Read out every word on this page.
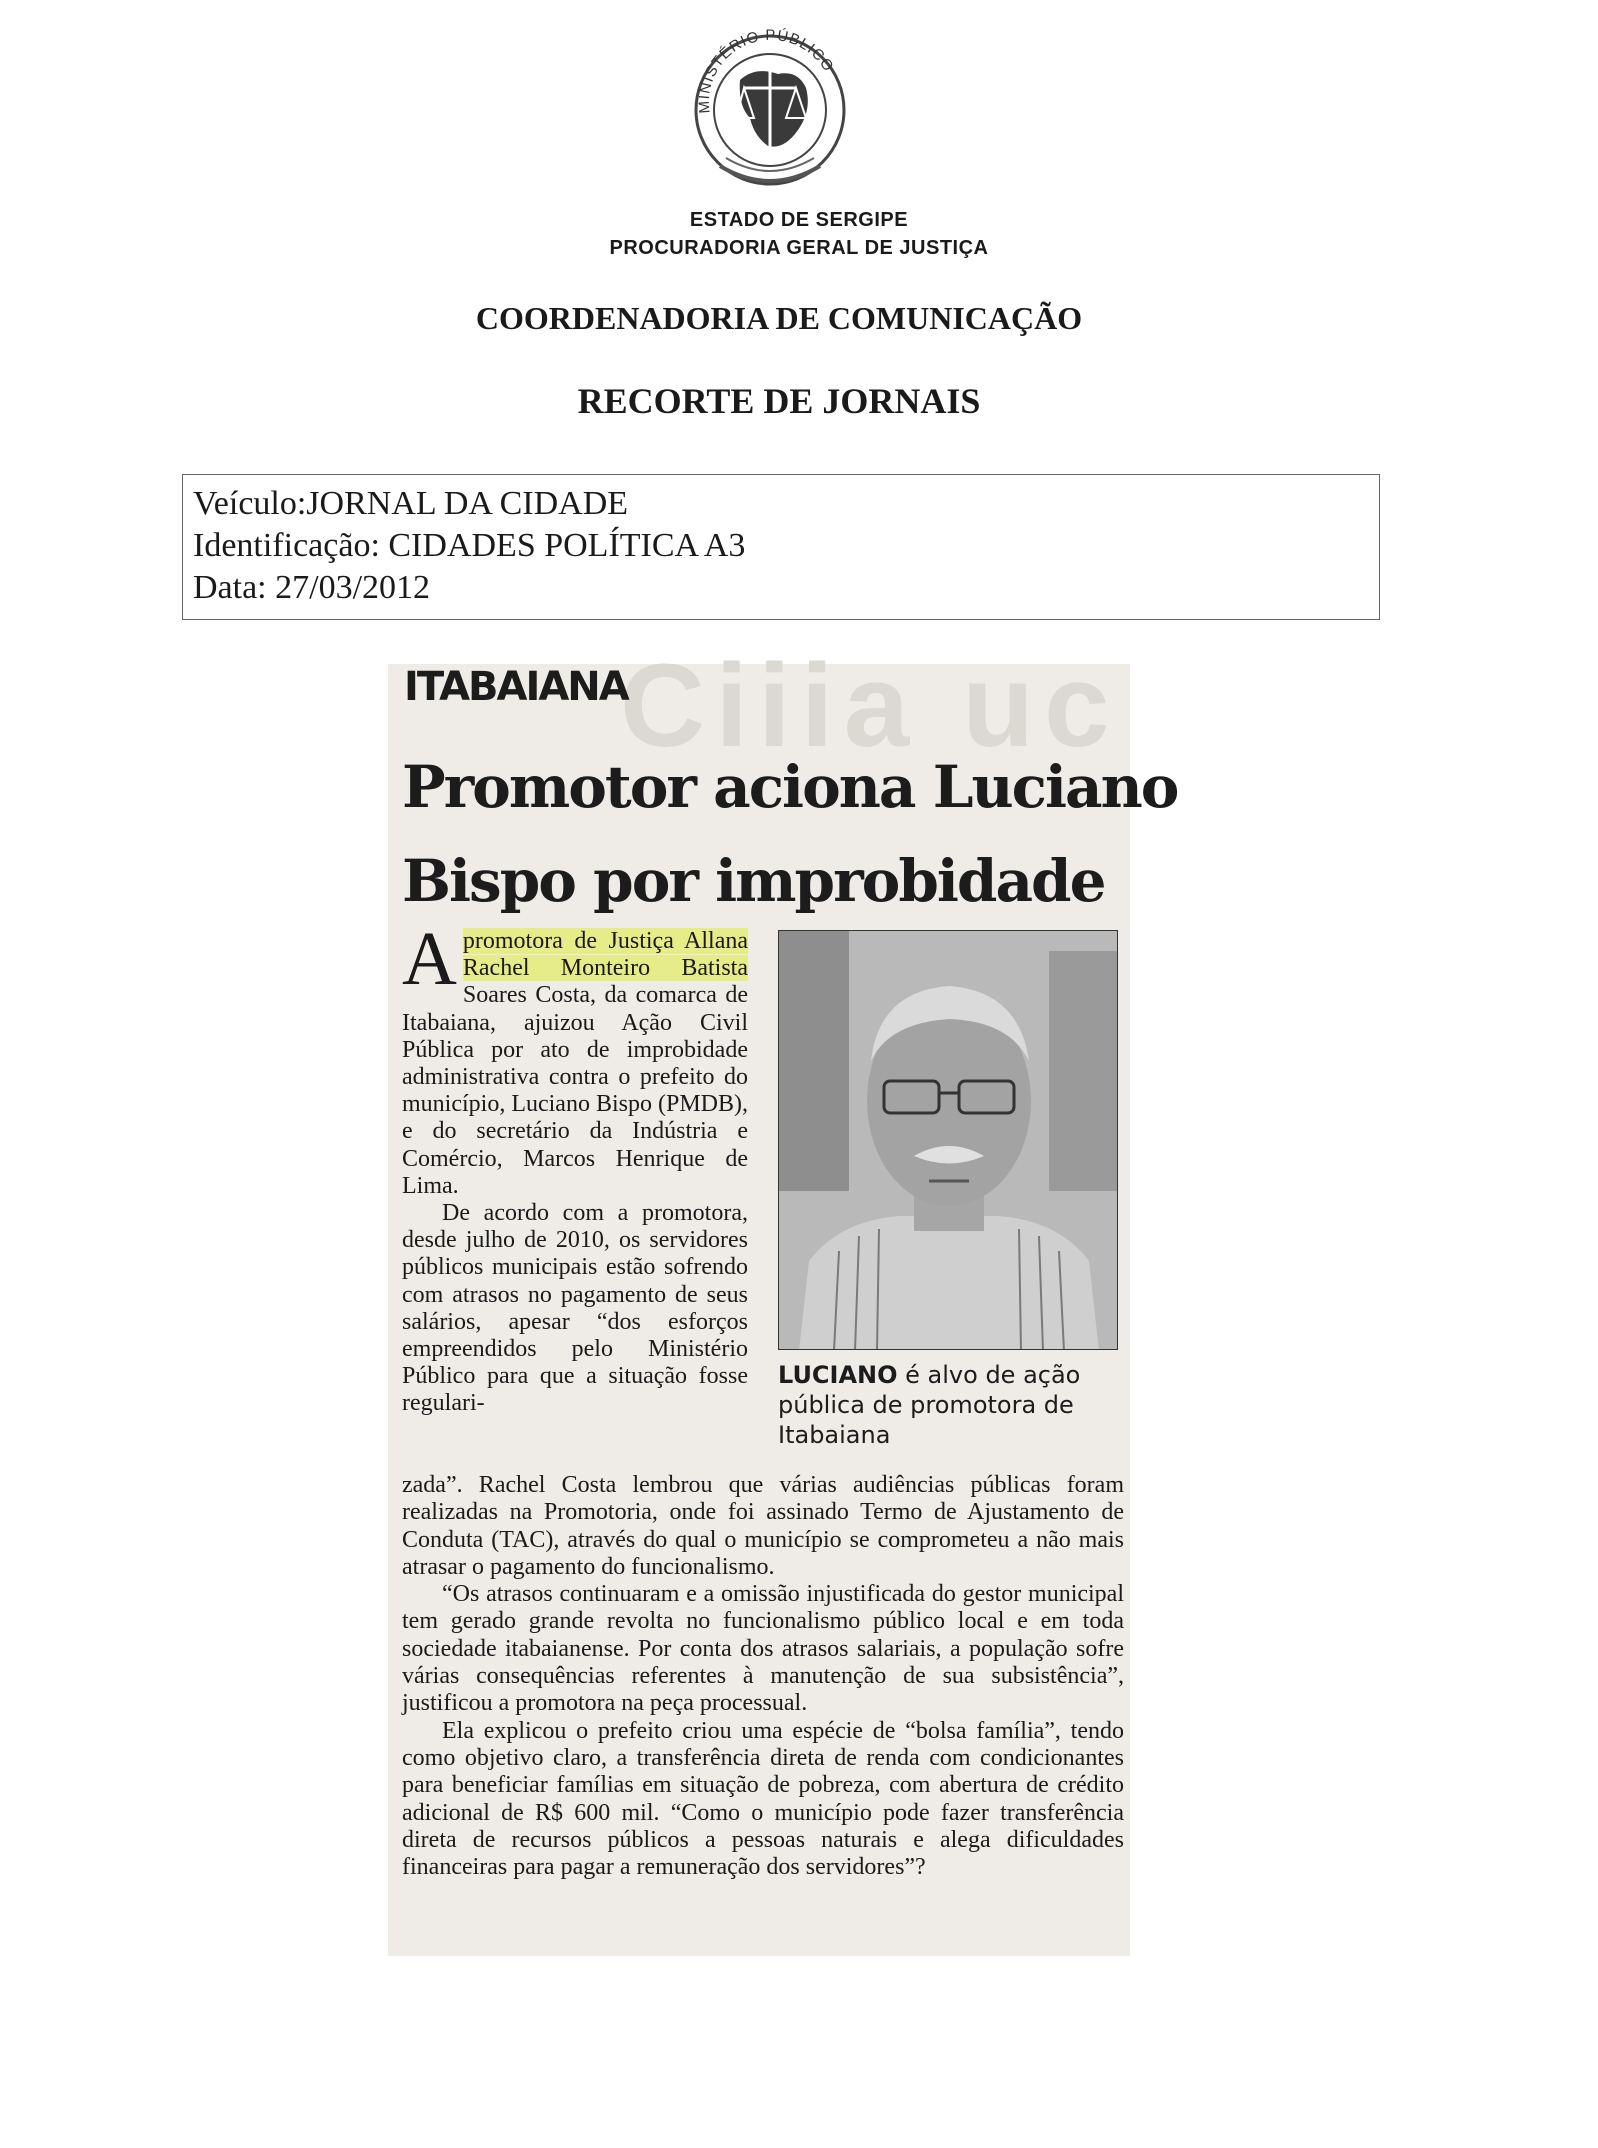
MINISTÉRIO PÚBLICO
ESTADO DE SERGIPE
PROCURADORIA GERAL DE JUSTIÇA
COORDENADORIA DE COMUNICAÇÃO
RECORTE DE JORNAIS
Veículo:JORNAL DA CIDADE
Identificação: CIDADES POLÍTICA A3
Data: 27/03/2012
Ciiia uc
ITABAIANA
Promotor aciona Luciano
Bispo por improbidade

Apromotora de Justiça Allana Rachel Monteiro Batista Soares Costa, da comarca de Itabaiana, ajuizou Ação Civil Pública por ato de improbidade administrativa contra o prefeito do município, Luciano Bispo (PMDB), e do secretário da Indústria e Comércio, Marcos Henrique de Lima.

De acordo com a promotora, desde julho de 2010, os servidores públicos municipais estão sofrendo com atrasos no pagamento de seus salários, apesar “dos esforços empreendidos pelo Ministério Público para que a situação fosse regulari-

LUCIANO é alvo de ação pública de promotora de Itabaiana

zada”. Rachel Costa lembrou que várias audiências públicas foram realizadas na Promotoria, onde foi assinado Termo de Ajustamento de Conduta (TAC), através do qual o município se comprometeu a não mais atrasar o pagamento do funcionalismo.

“Os atrasos continuaram e a omissão injustificada do gestor municipal tem gerado grande revolta no funcionalismo público local e em toda sociedade itabaianense. Por conta dos atrasos salariais, a população sofre várias consequências referentes à manutenção de sua subsistência”, justificou a promotora na peça processual.

Ela explicou o prefeito criou uma espécie de “bolsa família”, tendo como objetivo claro, a transferência direta de renda com condicionantes para beneficiar famílias em situação de pobreza, com abertura de crédito adicional de R$ 600 mil. “Como o município pode fazer transferência direta de recursos públicos a pessoas naturais e alega dificuldades financeiras para pagar a remuneração dos servidores”?
